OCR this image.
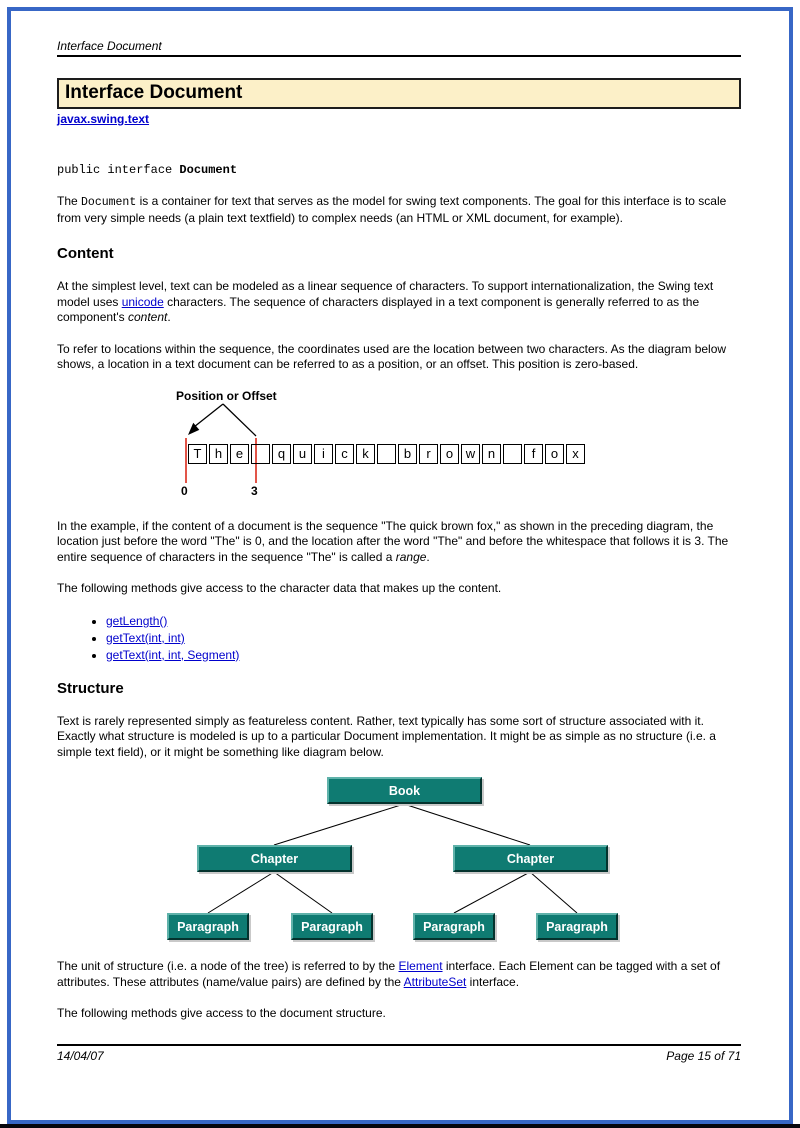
Interface Document
Interface Document
javax.swing.text
public interface Document

The Document is a container for text that serves as the model for swing text components. The goal for this interface is to scale from very simple needs (a plain text textfield) to complex needs (an HTML or XML document, for example).

Content

At the simplest level, text can be modeled as a linear sequence of characters. To support internationalization, the Swing text model uses unicode characters. The sequence of characters displayed in a text component is generally referred to as the component's content.

To refer to locations within the sequence, the coordinates used are the location between two characters. As the diagram below shows, a location in a text document can be referred to as a position, or an offset. This position is zero-based.

Position or Offset
T	h	e	q	u	i	c	k	b	r	o w n	f	o	x
0	3

In the example, if the content of a document is the sequence "The quick brown fox," as shown in the preceding diagram, the location just before the word "The" is 0, and the location after the word "The" and before the whitespace that follows it is 3. The entire sequence of characters in the sequence "The" is called a range.

The following methods give access to the character data that makes up the content.

• getLength()
• getText(int, int)
• getText(int, int, Segment)
Structure

Text is rarely represented simply as featureless content. Rather, text typically has some sort of structure associated with it. Exactly what structure is modeled is up to a particular Document implementation. It might be as simple as no structure (i.e. a simple text field), or it might be something like diagram below.

Book
Chapter	Chapter
Paragraph	Paragraph	Paragraph	Paragraph

The unit of structure (i.e. a node of the tree) is referred to by the Element interface. Each Element can be tagged with a set of attributes. These attributes (name/value pairs) are defined by the AttributeSet interface.

The following methods give access to the document structure.

14/04/07	Page 15 of 71
